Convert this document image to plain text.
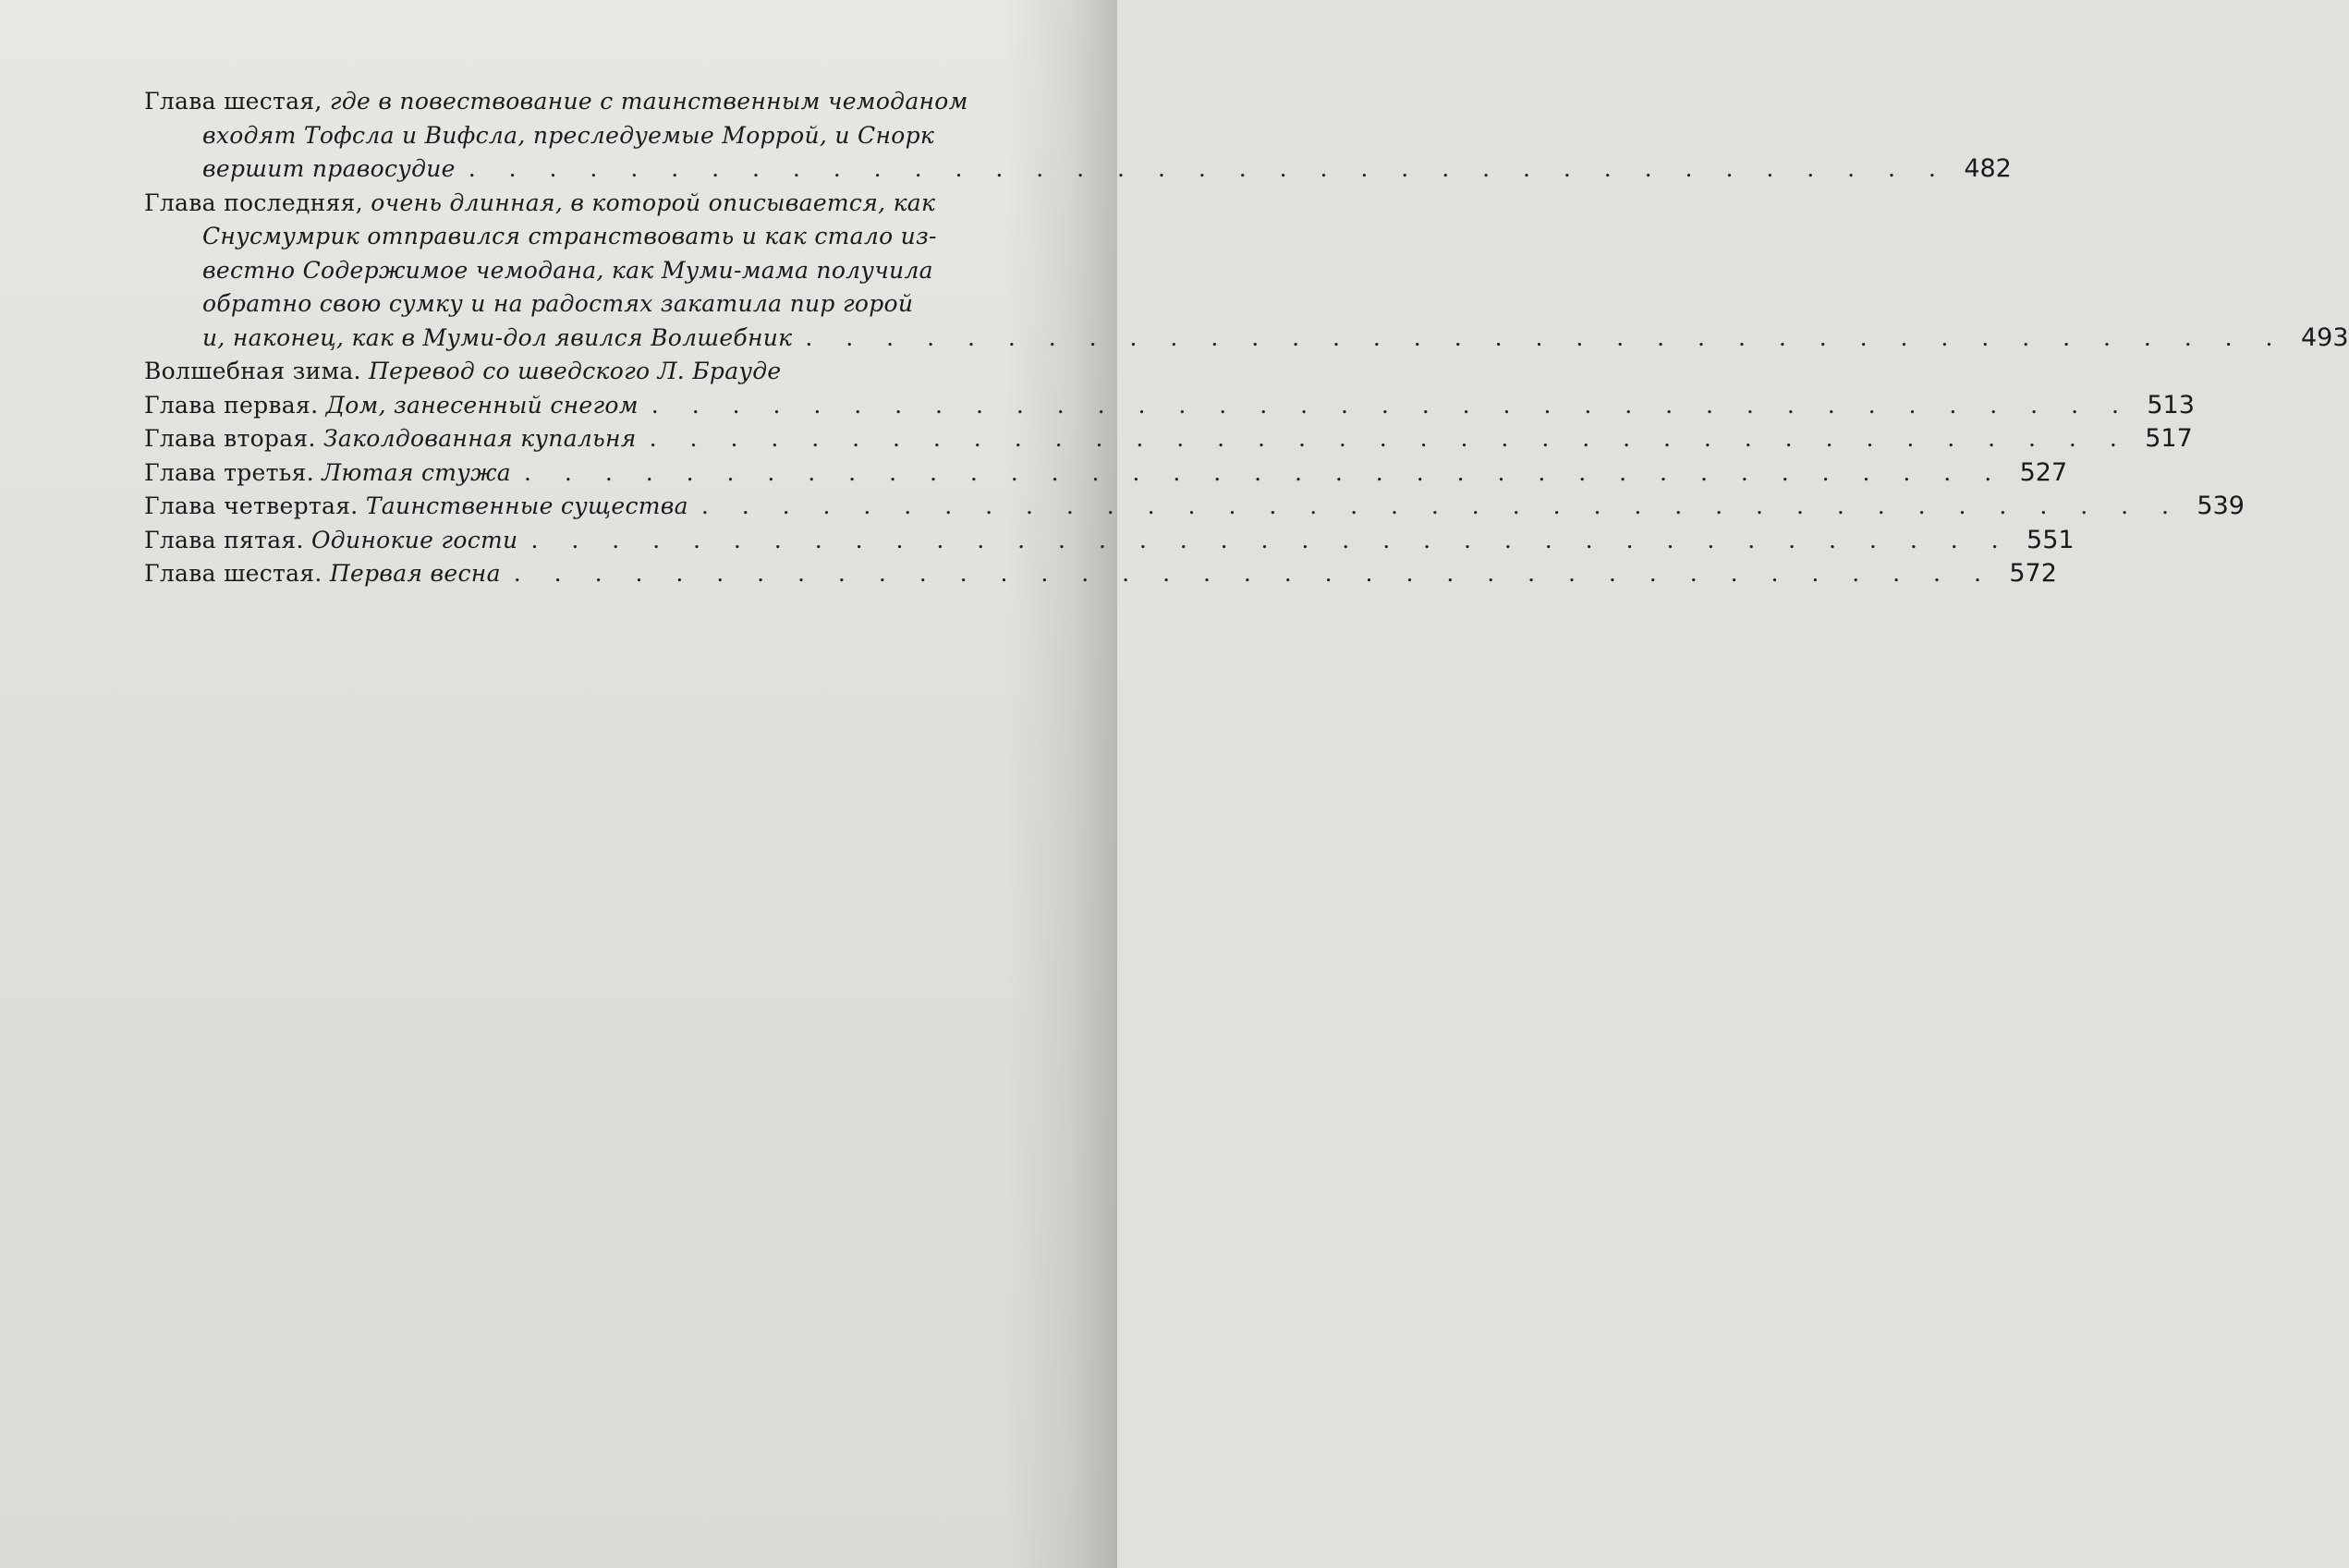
Глава шестая, где в повествование с таинственным чемоданом
входят Тофсла и Вифсла, преследуемые Моррой, и Снорк
вершит правосудие . . . . . . . . . . . . . . . . . . . . . . . . . . . . . . . . . . . . . 482
Глава последняя, очень длинная, в которой описывается, как
Снусмумрик отправился странствовать и как стало из-
вестно Содержимое чемодана, как Муми-мама получила
обратно свою сумку и на радостях закатила пир горой
и, наконец, как в Муми-дол явился Волшебник . . . . . . . . . . . . . . . . . . . . . . . . . . . . . . . . . . . . . 493
Волшебная зима. Перевод со шведского Л. Брауде
Глава первая. Дом, занесенный снегом . . . . . . . . . . . . . . . . . . . . . . . . . . . . . . . . . . . . . 513
Глава вторая. Заколдованная купальня . . . . . . . . . . . . . . . . . . . . . . . . . . . . . . . . . . . . . 517
Глава третья. Лютая стужа . . . . . . . . . . . . . . . . . . . . . . . . . . . . . . . . . . . . . 527
Глава четвертая. Таинственные существа . . . . . . . . . . . . . . . . . . . . . . . . . . . . . . . . . . . . . 539
Глава пятая. Одинокие гости . . . . . . . . . . . . . . . . . . . . . . . . . . . . . . . . . . . . . 551
Глава шестая. Первая весна . . . . . . . . . . . . . . . . . . . . . . . . . . . . . . . . . . . . . 572
